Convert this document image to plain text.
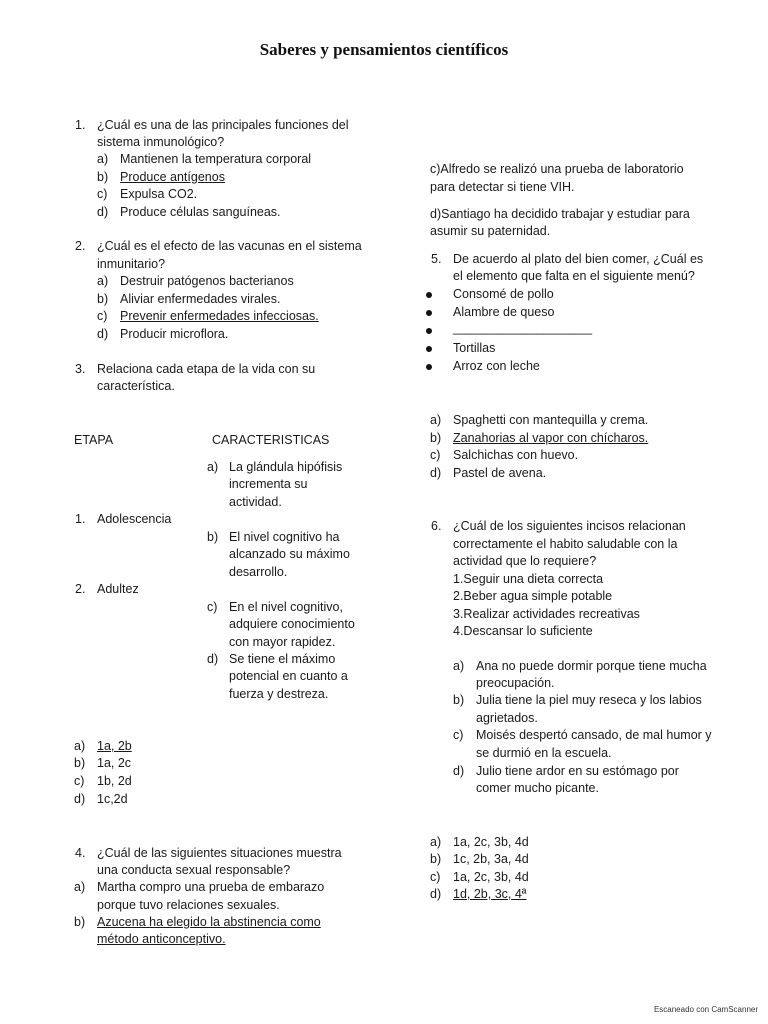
Saberes y pensamientos científicos
1. ¿Cuál es una de las principales funciones del
sistema inmunológico?
a) Mantienen la temperatura corporal
b) Produce antígenos
c) Expulsa CO2.
d) Produce células sanguíneas.
2. ¿Cuál es el efecto de las vacunas en el sistema
inmunitario?
a) Destruir patógenos bacterianos
b) Aliviar enfermedades virales.
c) Prevenir enfermedades infecciosas.
d) Producir microflora.
3. Relaciona cada etapa de la vida con su
característica.
ETAPA	CARACTERISTICAS
1. Adolescencia
2. Adultez
a) La glándula hipófisis
incrementa su
actividad.
b) El nivel cognitivo ha
alcanzado su máximo
desarrollo.
c) En el nivel cognitivo,
adquiere conocimiento
con mayor rapidez.
d) Se tiene el máximo
potencial en cuanto a
fuerza y destreza.
a) 1a, 2b
b) 1a, 2c
c) 1b, 2d
d) 1c,2d
4. ¿Cuál de las siguientes situaciones muestra
una conducta sexual responsable?
a) Martha compro una prueba de embarazo
porque tuvo relaciones sexuales.
b) Azucena ha elegido la abstinencia como
método anticonceptivo.
c)Alfredo se realizó una prueba de laboratorio
para detectar si tiene VIH.
d)Santiago ha decidido trabajar y estudiar para
asumir su paternidad.
5. De acuerdo al plato del bien comer, ¿Cuál es
el elemento que falta en el siguiente menú?
Consomé de pollo
Alambre de queso
____________________
Tortillas
Arroz con leche
a) Spaghetti con mantequilla y crema.
b) Zanahorias al vapor con chícharos.
c) Salchichas con huevo.
d) Pastel de avena.
6. ¿Cuál de los siguientes incisos relacionan
correctamente el habito saludable con la
actividad que lo requiere?
1.Seguir una dieta correcta
2.Beber agua simple potable
3.Realizar actividades recreativas
4.Descansar lo suficiente
a) Ana no puede dormir porque tiene mucha
preocupación.
b) Julia tiene la piel muy reseca y los labios
agrietados.
c) Moisés despertó cansado, de mal humor y
se durmió en la escuela.
d) Julio tiene ardor en su estómago por
comer mucho picante.
a) 1a, 2c, 3b, 4d
b) 1c, 2b, 3a, 4d
c) 1a, 2c, 3b, 4d
d) 1d, 2b, 3c, 4ª
Escaneado con CamScanner
